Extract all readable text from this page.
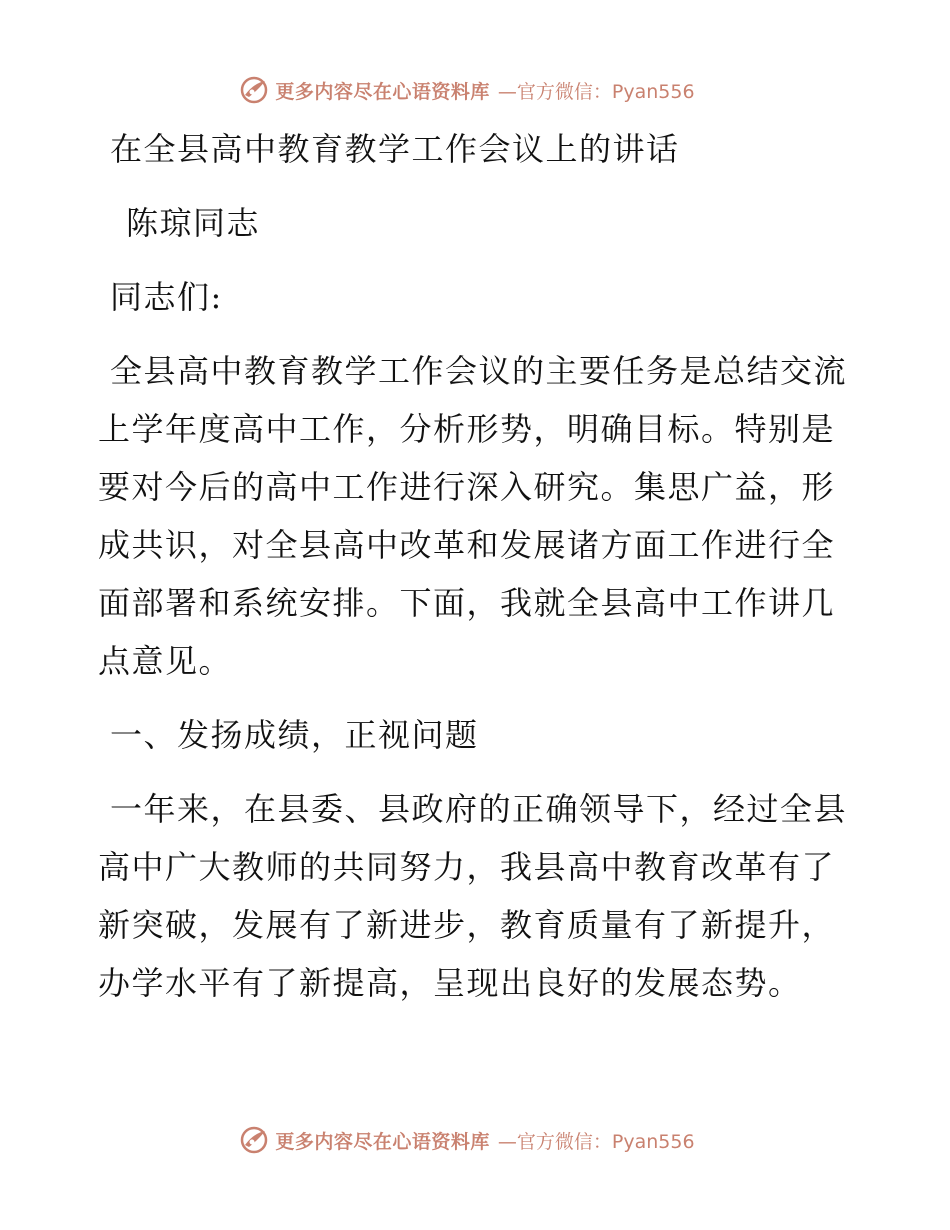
更多内容尽在心语资料库 —官方微信：Pyan556
在全县高中教育教学工作会议上的讲话
陈琼同志
同志们:
全县高中教育教学工作会议的主要任务是总结交流上学年度高中工作，分析形势，明确目标。特别是要对今后的高中工作进行深入研究。集思广益，形成共识，对全县高中改革和发展诸方面工作进行全面部署和系统安排。下面，我就全县高中工作讲几点意见。
一、发扬成绩，正视问题
一年来，在县委、县政府的正确领导下，经过全县高中广大教师的共同努力，我县高中教育改革有了新突破，发展有了新进步，教育质量有了新提升，办学水平有了新提高，呈现出良好的发展态势。
更多内容尽在心语资料库 —官方微信：Pyan556
